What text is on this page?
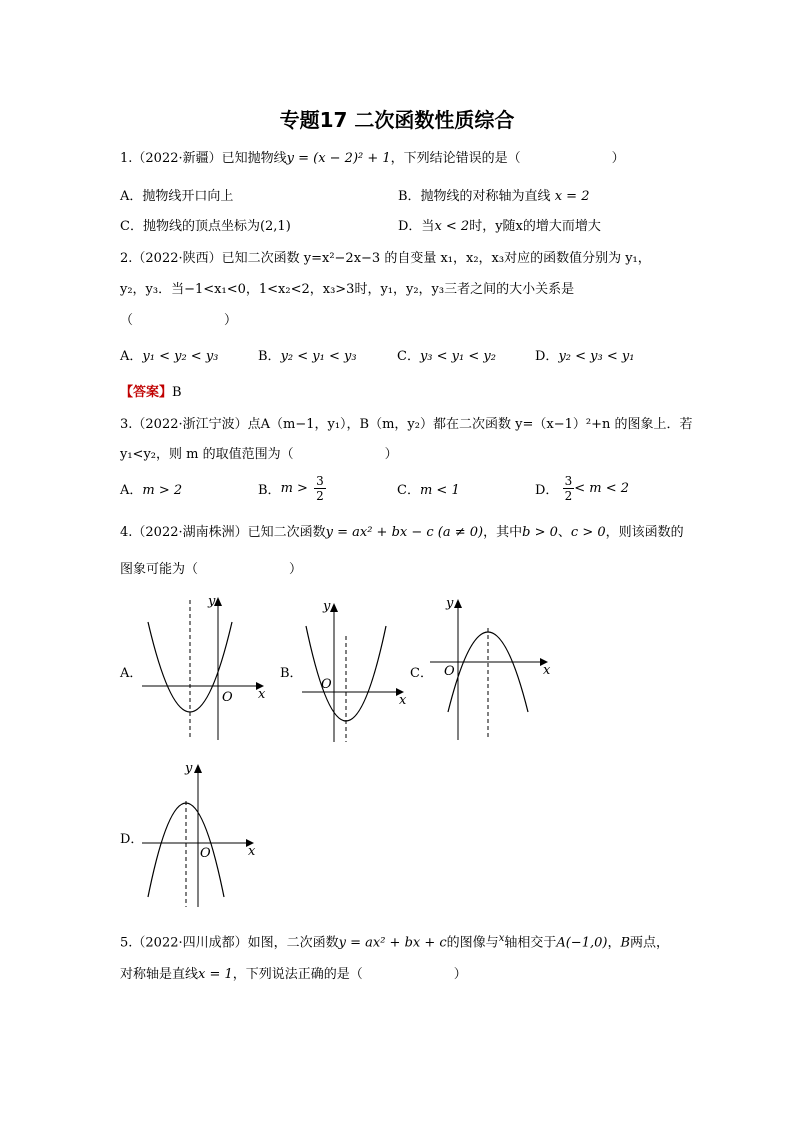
专题17 二次函数性质综合
1.（2022·新疆）已知抛物线y = (x − 2)² + 1，下列结论错误的是（　　　　　　　）
A．抛物线开口向上	B．抛物线的对称轴为直线 x = 2
C．抛物线的顶点坐标为(2,1)	D．当x < 2时，y随x的增大而增大
2.（2022·陕西）已知二次函数 y=x²−2x−3 的自变量 x₁，x₂，x₃对应的函数值分别为 y₁，
y₂，y₃．当−1<x₁<0，1<x₂<2，x₃>3时，y₁，y₂，y₃三者之间的大小关系是
（　　　　　　　）
A．y₁ < y₂ < y₃	B．y₂ < y₁ < y₃	C．y₃ < y₁ < y₂	D．y₂ < y₃ < y₁
【答案】B
3.（2022·浙江宁波）点A（m−1，y₁），B（m，y₂）都在二次函数 y=（x−1）²+n 的图象上．若
y₁<y₂，则 m 的取值范围为（　　　　　　　）
A．m > 2	B．$m > \frac{3}{2}$	C．m < 1	D． $\frac{3}{2} < m < 2$
4.（2022·湖南株洲）已知二次函数y = ax² + bx − c (a ≠ 0)，其中b > 0、c > 0，则该函数的
图象可能为（　　　　　　　）
A．
x
y
O
B．
x
y
O
C．	x
y
O
D．
x
y
O
5.（2022·四川成都）如图，二次函数y = ax² + bx + c的图像与$^x$轴相交于A(−1,0)，B两点，
对称轴是直线x = 1，下列说法正确的是（　　　　　　　）
